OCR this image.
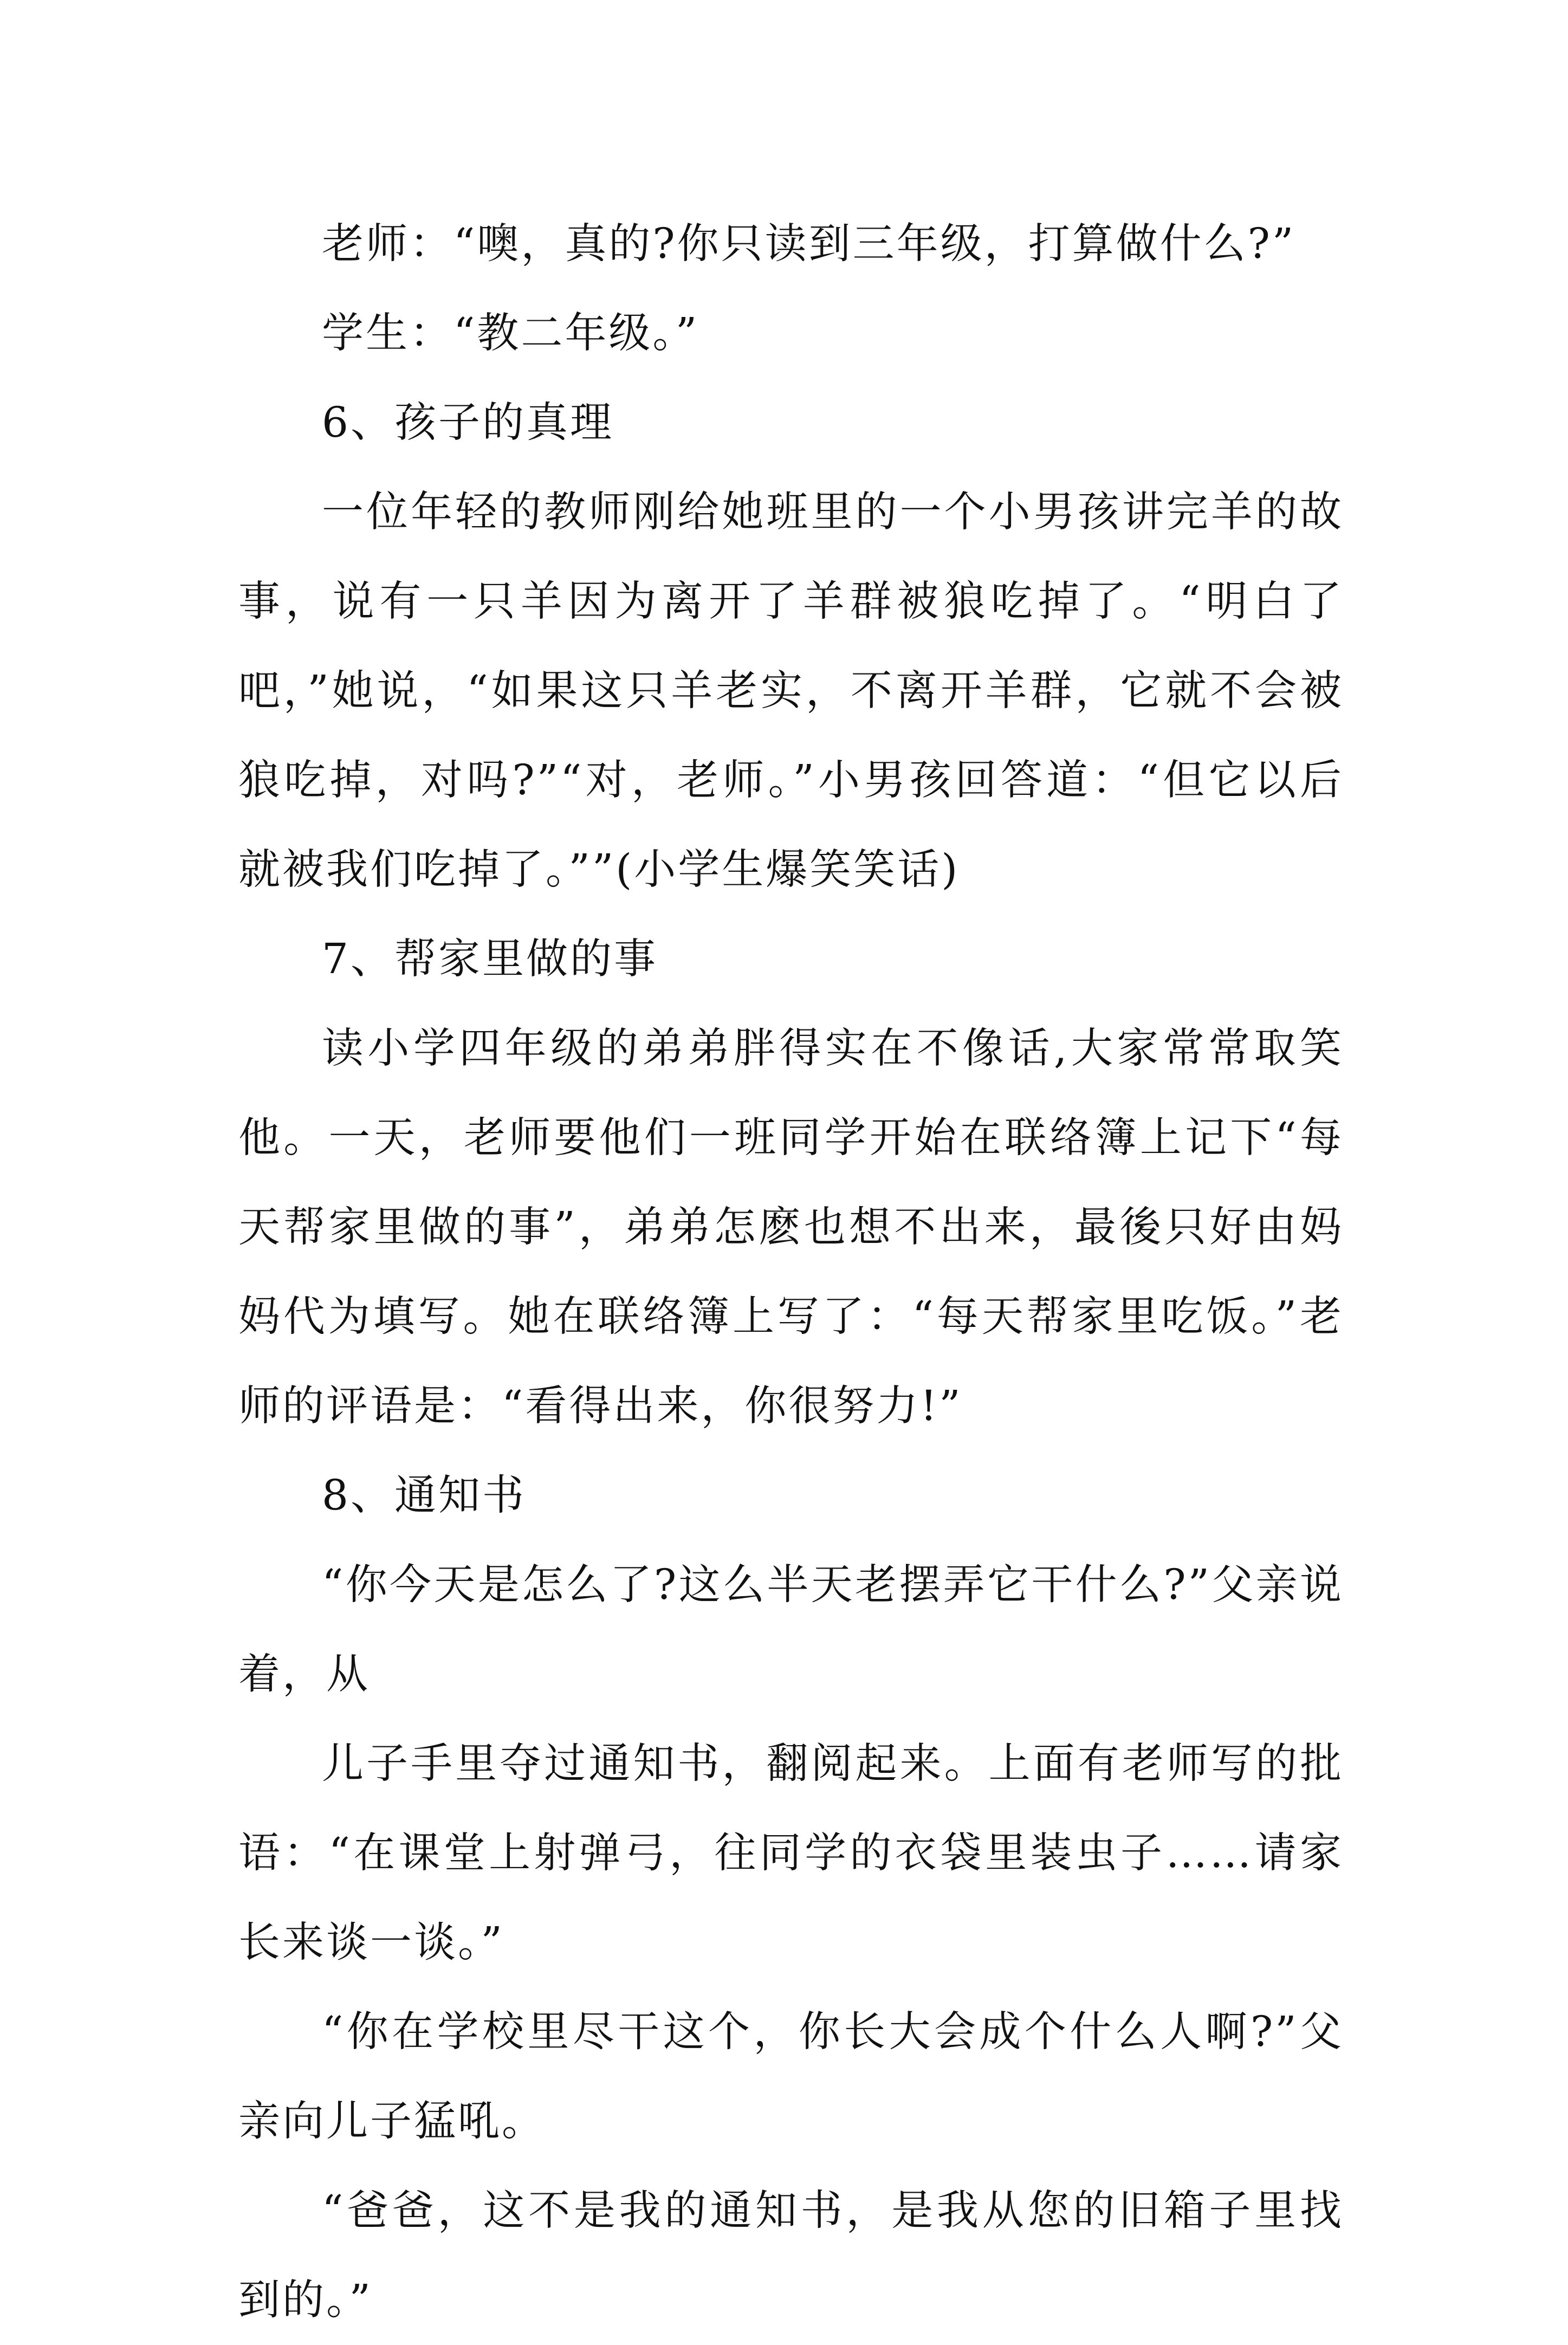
老师：“噢，真的?你只读到三年级，打算做什么?”

学生：“教二年级。”

6、孩子的真理

一位年轻的教师刚给她班里的一个小男孩讲完羊的故事，说有一只羊因为离开了羊群被狼吃掉了。“明白了吧，”她说，“如果这只羊老实，不离开羊群，它就不会被狼吃掉，对吗?”“对，老师。”小男孩回答道：“但它以后就被我们吃掉了。””(小学生爆笑笑话)

7、帮家里做的事

读小学四年级的弟弟胖得实在不像话,大家常常取笑他。一天，老师要他们一班同学开始在联络簿上记下“每天帮家里做的事”，弟弟怎麽也想不出来，最後只好由妈妈代为填写。她在联络簿上写了：“每天帮家里吃饭。”老师的评语是：“看得出来，你很努力!”

8、通知书

“你今天是怎么了?这么半天老摆弄它干什么?”父亲说着，从

儿子手里夺过通知书，翻阅起来。上面有老师写的批语：“在课堂上射弹弓，往同学的衣袋里装虫子……请家长来谈一谈。”

“你在学校里尽干这个，你长大会成个什么人啊?”父亲向儿子猛吼。

“爸爸，这不是我的通知书，是我从您的旧箱子里找到的。”
